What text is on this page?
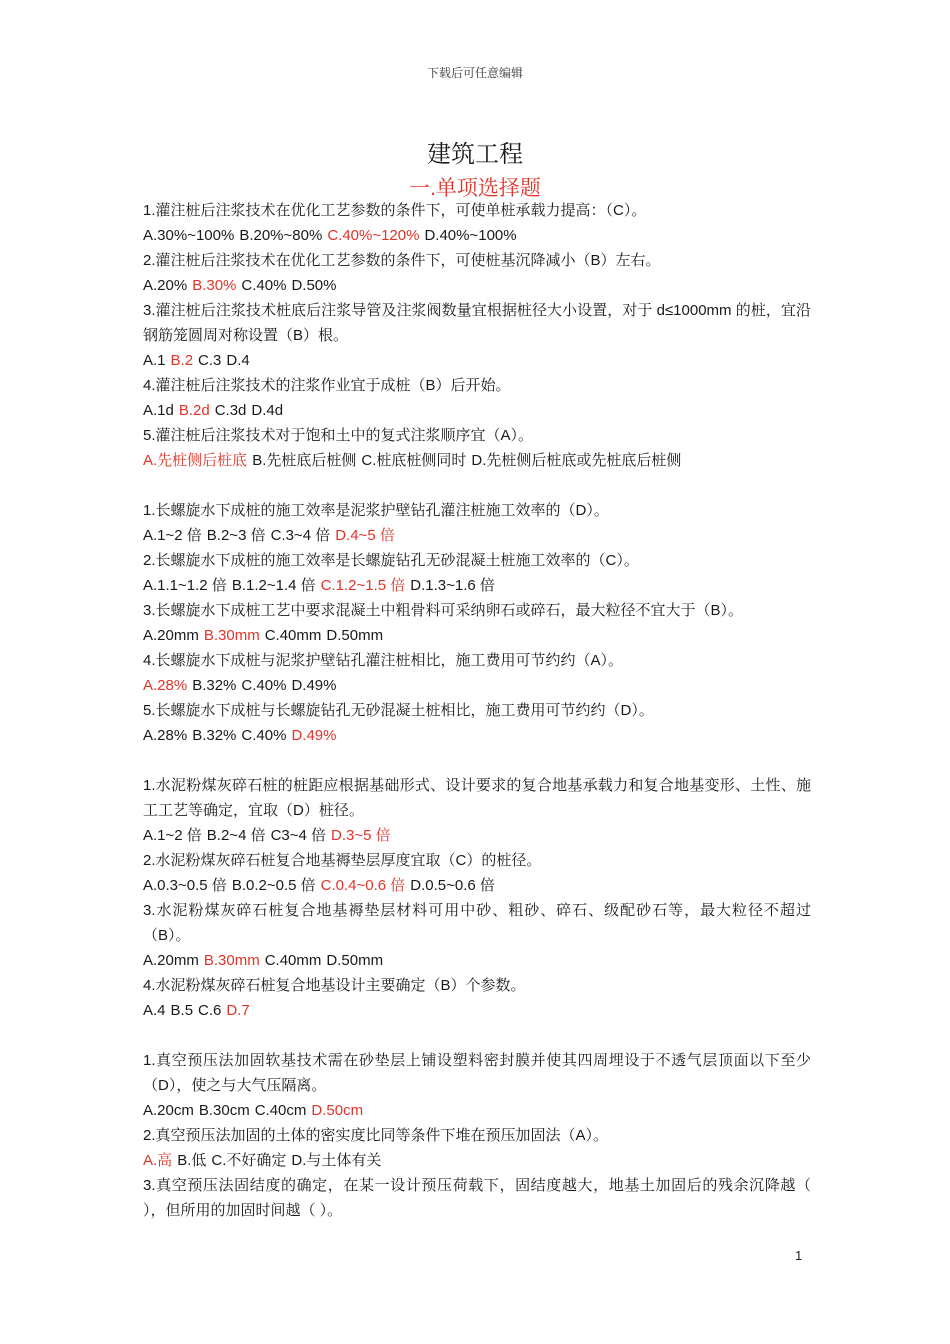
下载后可任意编辑
建筑工程
一.单项选择题
1.灌注桩后注浆技术在优化工艺参数的条件下，可使单桩承载力提高：（C）。
A.30%~100% B.20%~80% C.40%~120% D.40%~100%
2.灌注桩后注浆技术在优化工艺参数的条件下，可使桩基沉降减小（B）左右。
A.20% B.30% C.40% D.50%
3.灌注桩后注浆技术桩底后注浆导管及注浆阀数量宜根据桩径大小设置，对于 d≤1000mm 的桩，宜沿钢筋笼圆周对称设置（B）根。
A.1 B.2 C.3 D.4
4.灌注桩后注浆技术的注浆作业宜于成桩（B）后开始。
A.1d B.2d C.3d D.4d
5.灌注桩后注浆技术对于饱和土中的复式注浆顺序宜（A）。
A.先桩侧后桩底 B.先桩底后桩侧 C.桩底桩侧同时 D.先桩侧后桩底或先桩底后桩侧
1.长螺旋水下成桩的施工效率是泥浆护壁钻孔灌注桩施工效率的（D）。
A.1~2 倍 B.2~3 倍 C.3~4 倍 D.4~5 倍
2.长螺旋水下成桩的施工效率是长螺旋钻孔无砂混凝土桩施工效率的（C）。
A.1.1~1.2 倍 B.1.2~1.4 倍 C.1.2~1.5 倍 D.1.3~1.6 倍
3.长螺旋水下成桩工艺中要求混凝土中粗骨料可采纳卵石或碎石，最大粒径不宜大于（B）。
A.20mm B.30mm C.40mm D.50mm
4.长螺旋水下成桩与泥浆护壁钻孔灌注桩相比，施工费用可节约约（A）。
A.28% B.32% C.40% D.49%
5.长螺旋水下成桩与长螺旋钻孔无砂混凝土桩相比，施工费用可节约约（D）。
A.28% B.32% C.40% D.49%
1.水泥粉煤灰碎石桩的桩距应根据基础形式、设计要求的复合地基承载力和复合地基变形、土性、施工工艺等确定，宜取（D）桩径。
A.1~2 倍 B.2~4 倍 C3~4 倍 D.3~5 倍
2.水泥粉煤灰碎石桩复合地基褥垫层厚度宜取（C）的桩径。
A.0.3~0.5 倍 B.0.2~0.5 倍 C.0.4~0.6 倍 D.0.5~0.6 倍
3.水泥粉煤灰碎石桩复合地基褥垫层材料可用中砂、粗砂、碎石、级配砂石等，最大粒径不超过（B）。
A.20mm B.30mm C.40mm D.50mm
4.水泥粉煤灰碎石桩复合地基设计主要确定（B）个参数。
A.4 B.5 C.6 D.7
1.真空预压法加固软基技术需在砂垫层上铺设塑料密封膜并使其四周埋设于不透气层顶面以下至少（D），使之与大气压隔离。
A.20cm B.30cm C.40cm D.50cm
2.真空预压法加固的土体的密实度比同等条件下堆在预压加固法（A）。
A.高 B.低 C.不好确定 D.与土体有关
3.真空预压法固结度的确定，在某一设计预压荷载下，固结度越大，地基土加固后的残余沉降越（ ），但所用的加固时间越（ ）。
1
